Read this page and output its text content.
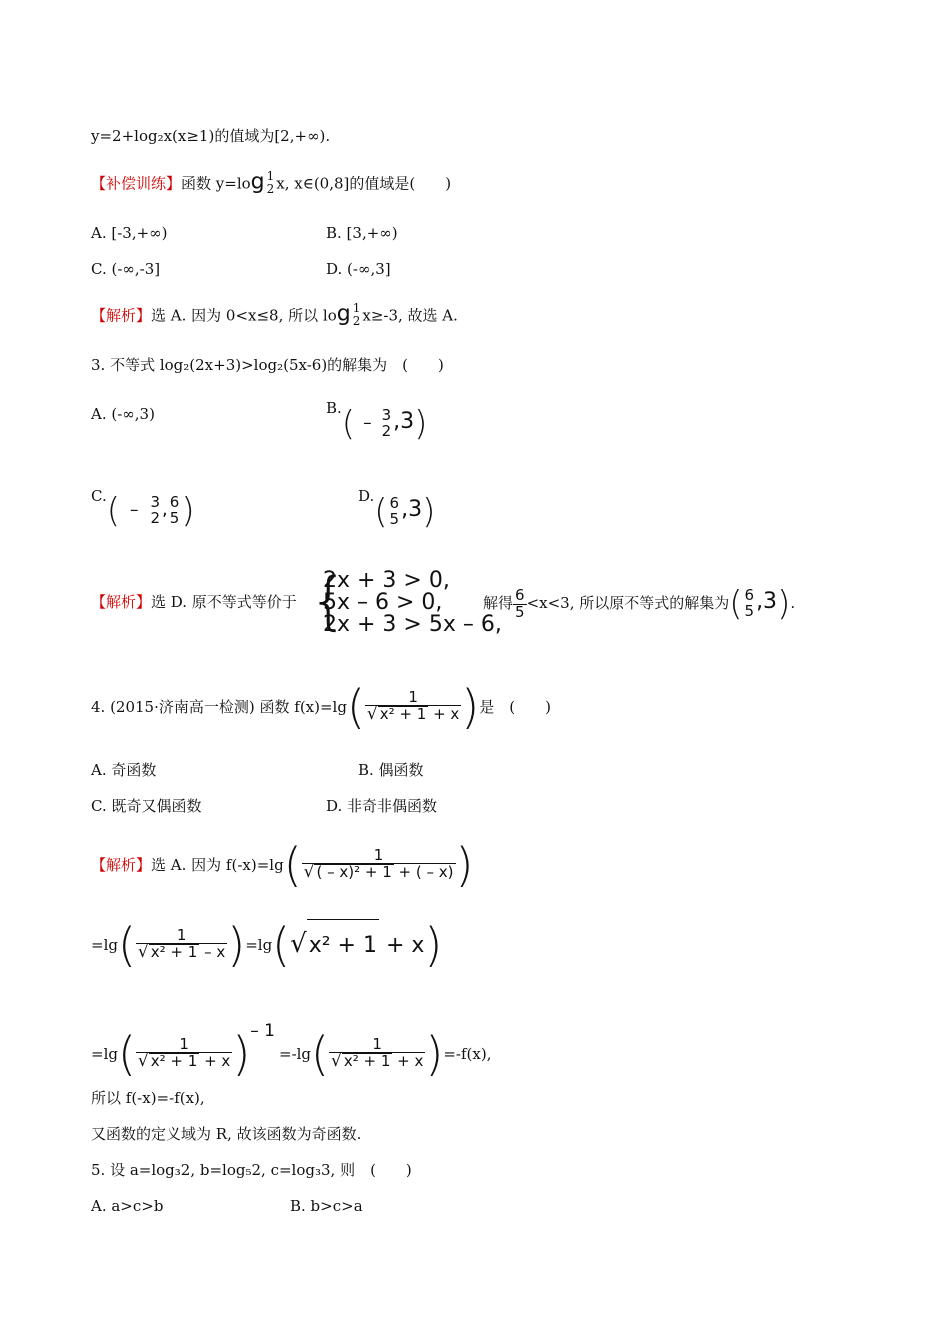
y=2+log₂x(x≥1)的值域为[2,+∞).
【补偿训练】函数 y=log 1
2 x, x∈(0,8]的值域是(　　)
A. [-3,+∞)	B. [3,+∞)
C. (-∞,-3]	D. (-∞,3]
【解析】选 A. 因为 0<x≤8, 所以 log 1
2 x≥-3, 故选 A.
3. 不等式 log₂(2x+3)>log₂(5x-6)的解集为　(　　)
A. (-∞,3)	B.( – 3
2 ,3)
C.( – 3
2 , 6
5 )	D.( 6
5 ,3)
【解析】选 D. 原不等式等价于 {
2x + 3 > 0,
5x – 6 > 0,
2x + 3 > 5x – 6,
解得 $\frac{6}{5} <x<3$, 所以原不等式的解集为( 6
5 ,3).
4. (2015·济南高一检测) 函数 $f(x)=\lg( \frac{1}{\text{√ x² + 1 + x}}$ )是　(　　)
A. 奇函数	B. 偶函数
C. 既奇又偶函数	D. 非奇非偶函数
【解析】选 A. 因为 $f(-x)=\lg( \frac{1}{\text{√ ( – x)² + 1 + ( – x)}}$ )
$=\lg( \frac{1}{\text{√ x² + 1 – x}} )=\lg(√x^2 + 1 + x)$
$=\lg( \frac{1}{\text{√ x² + 1 + x}}$ )– $1=-\lg( \frac{1}{\text{√ x² + 1 + x}} )=-f(x)$,
所以 f(-x)=-f(x),
又函数的定义域为 R, 故该函数为奇函数.
5. 设 a=log₃2, b=log₅2, c=log₃3, 则　(　　)
A. a>c>b	B. b>c>a
